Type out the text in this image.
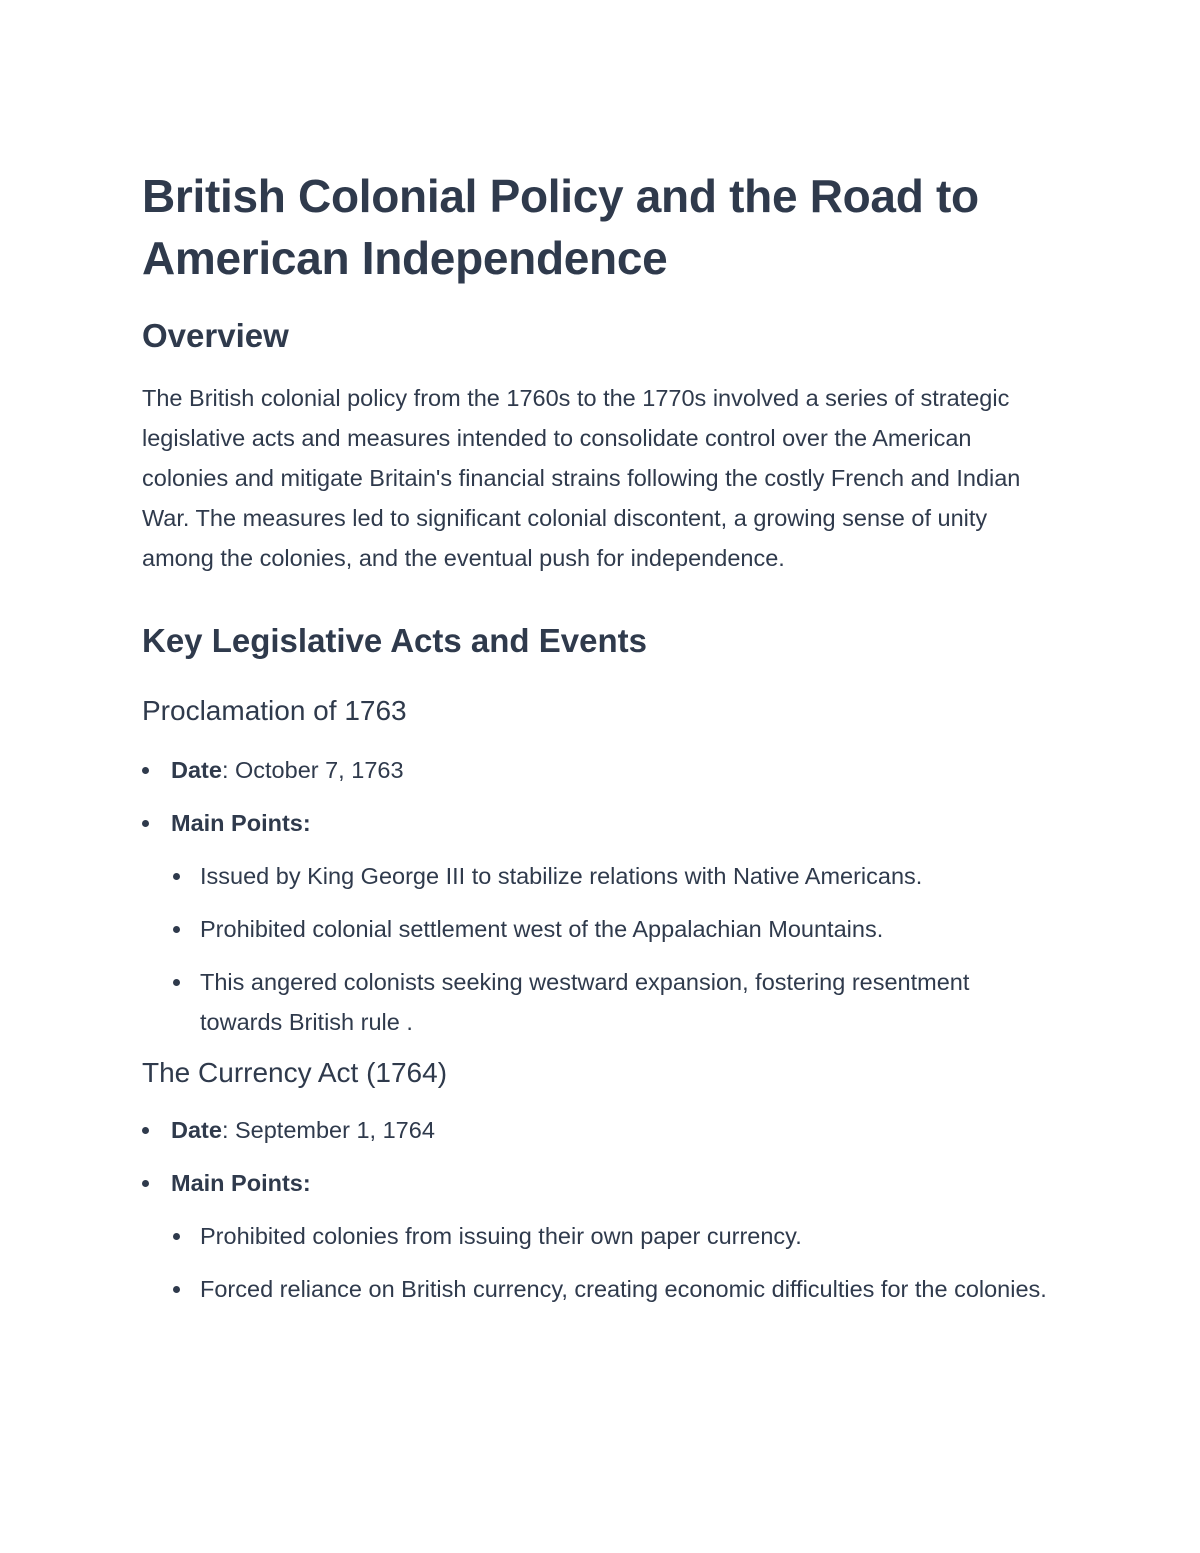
British Colonial Policy and the Road to American Independence
Overview

The British colonial policy from the 1760s to the 1770s involved a series of strategic legislative acts and measures intended to consolidate control over the American colonies and mitigate Britain's financial strains following the costly French and Indian War. The measures led to significant colonial discontent, a growing sense of unity among the colonies, and the eventual push for independence.

Key Legislative Acts and Events
Proclamation of 1763
Date: October 7, 1763
Main Points:
Issued by King George III to stabilize relations with Native Americans.
Prohibited colonial settlement west of the Appalachian Mountains.
This angered colonists seeking westward expansion, fostering resentment towards British rule .
The Currency Act (1764)
Date: September 1, 1764
Main Points:
Prohibited colonies from issuing their own paper currency.
Forced reliance on British currency, creating economic difficulties for the colonies.
